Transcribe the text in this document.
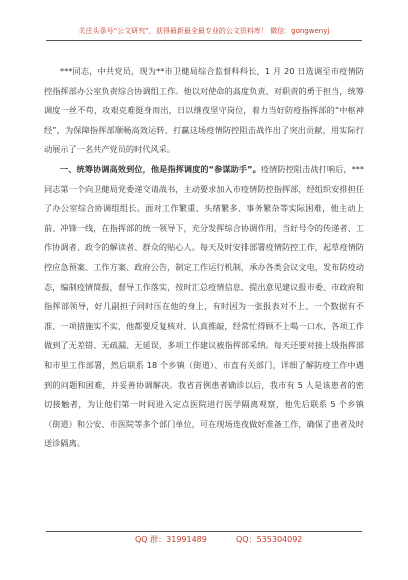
关注头条号“公文研究”，获得最新最全最专业的公文资料库！ 微信：gongwenyj

***同志，中共党员，现为**市卫健局综合监督科科长，1 月 20 日选调至市疫情防控指挥部办公室负责综合协调组工作。他以对使命的高度负责、对职责的勇于担当，统筹调度一丝不苟，攻艰克难挺身而出，日以继夜坚守岗位，着力当好防疫指挥部的“中枢神经”，为保障指挥部顺畅高效运转、打赢这场疫情防控阻击战作出了突出贡献，用实际行动展示了一名共产党员的时代风采。

一、统筹协调高效到位，他是指挥调度的“参谋助手”。疫情防控阻击战打响后，***同志第一个向卫健局党委递交请战书，主动要求加入市疫情防控指挥部，经组织安排担任了办公室综合协调组组长。面对工作繁重、头绪繁多、事务繁杂等实际困难，他主动上前、冲锋一线，在指挥部的统一领导下，充分发挥综合协调作用，当好号令的传递者、工作协调者、政令的解读者、群众的贴心人。每天及时安排部署疫情防控工作，起草疫情防控应急预案、工作方案、政府公告，制定工作运行机制，承办各类会议文电，发布防疫动态，编制疫情简报，督导工作落实，按时汇总疫情信息、提出意见建议报市委、市政府和指挥部领导，好几副担子同时压在他的身上，有时因为一张报表对不上、一个数据有不准、一项措施实不实，他都要反复核对、认真推敲，经常忙得顾不上喝一口水，各项工作做到了无差错、无疏漏、无延误，多项工作建议被指挥部采纳。每天还要对接上级指挥部和市里工作部署，然后联系 18 个乡镇（街道）、市直有关部门，详细了解防疫工作中遇到的问题和困难，并妥善协调解决。我省首例患者确诊以后，我市有 5 人是该患者的密切接触者，为让他们第一时间进入定点医院进行医学隔离观察，他先后联系 5 个乡镇（街道）和公安、市医院等多个部门单位，可在现场连夜做好准备工作，确保了患者及时送诊隔离。

QQ 群：31991489	QQ：535304092
